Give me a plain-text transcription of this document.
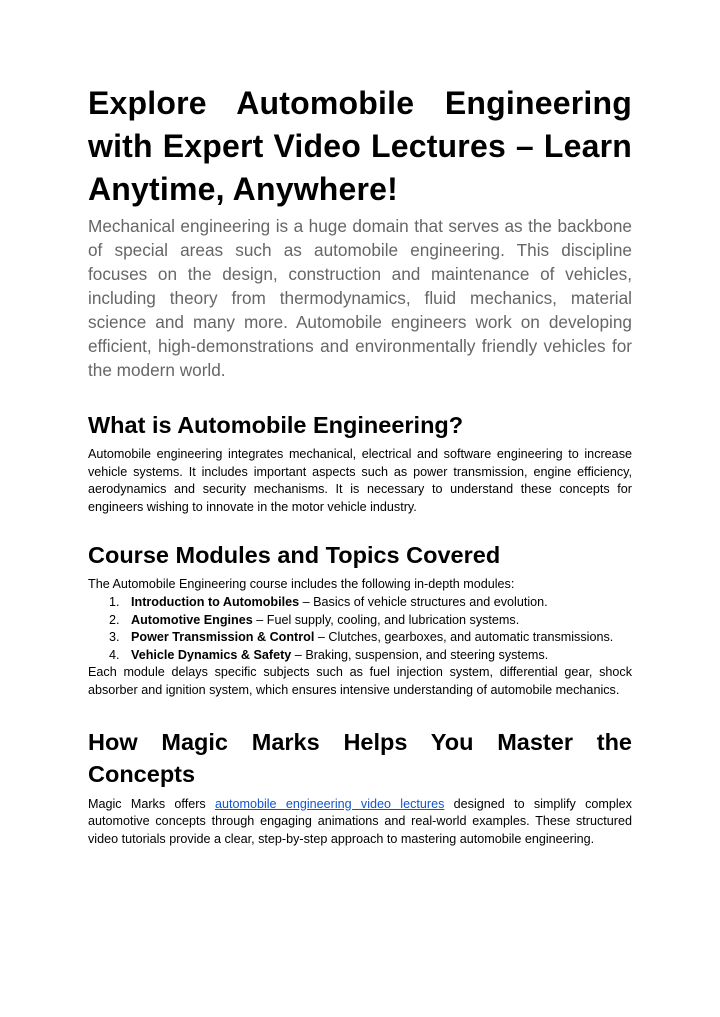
Explore Automobile Engineering with Expert Video Lectures – Learn Anytime, Anywhere!

Mechanical engineering is a huge domain that serves as the backbone of special areas such as automobile engineering. This discipline focuses on the design, construction and maintenance of vehicles, including theory from thermodynamics, fluid mechanics, material science and many more. Automobile engineers work on developing efficient, high-demonstrations and environmentally friendly vehicles for the modern world.

What is Automobile Engineering?

Automobile engineering integrates mechanical, electrical and software engineering to increase vehicle systems. It includes important aspects such as power transmission, engine efficiency, aerodynamics and security mechanisms. It is necessary to understand these concepts for engineers wishing to innovate in the motor vehicle industry.

Course Modules and Topics Covered

The Automobile Engineering course includes the following in-depth modules:

1. Introduction to Automobiles – Basics of vehicle structures and evolution.
2. Automotive Engines – Fuel supply, cooling, and lubrication systems.
3. Power Transmission & Control – Clutches, gearboxes, and automatic transmissions.
4. Vehicle Dynamics & Safety – Braking, suspension, and steering systems.

Each module delays specific subjects such as fuel injection system, differential gear, shock absorber and ignition system, which ensures intensive understanding of automobile mechanics.

How Magic Marks Helps You Master the Concepts

Magic Marks offers automobile engineering video lectures designed to simplify complex automotive concepts through engaging animations and real-world examples. These structured video tutorials provide a clear, step-by-step approach to mastering automobile engineering.
